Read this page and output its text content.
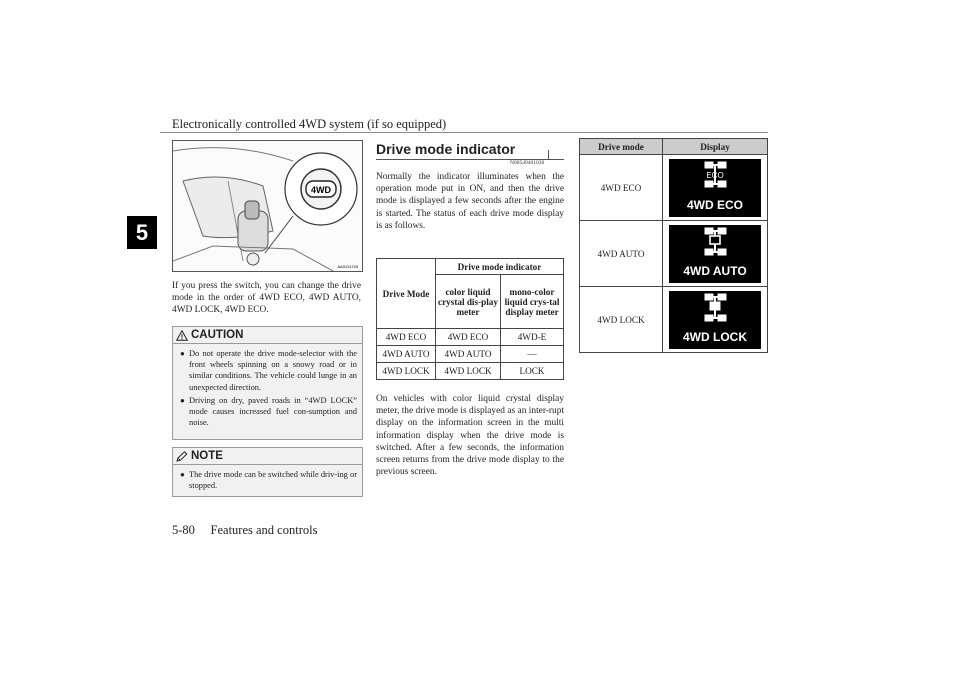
Electronically controlled 4WD system (if so equipped)
5
4WD
AA0114749
If you press the switch, you can change the drive mode in the order of 4WD ECO, 4WD AUTO, 4WD LOCK, 4WD ECO.
CAUTION
● Do not operate the drive mode-selector with the front wheels spinning on a snowy road or in similar conditions. The vehicle could lunge in an unexpected direction.
● Driving on dry, paved roads in “4WD LOCK” mode causes increased fuel con-sumption and noise.
NOTE
● The drive mode can be switched while driv-ing or stopped.
Drive mode indicator
N00549401030
Normally the indicator illuminates when the operation mode put in ON, and then the drive mode is displayed a few seconds after the engine is started. The status of each drive mode display is as follows.
Drive Mode	Drive mode indicator	
	color liquid crystal dis-play meter	mono-color liquid crys-tal display meter
4WD ECO	4WD ECO	4WD-E
4WD AUTO	4WD AUTO	—
4WD LOCK	4WD LOCK	LOCK
On vehicles with color liquid crystal display meter, the drive mode is displayed as an inter-rupt display on the information screen in the multi information display when the drive mode is switched. After a few seconds, the information screen returns from the drive mode display to the previous screen.
Drive mode	Display
4WD ECO	ECO
4WD ECO

4WD AUTO	4WD AUTO

4WD LOCK	4WD LOCK
5-80     Features and controls
